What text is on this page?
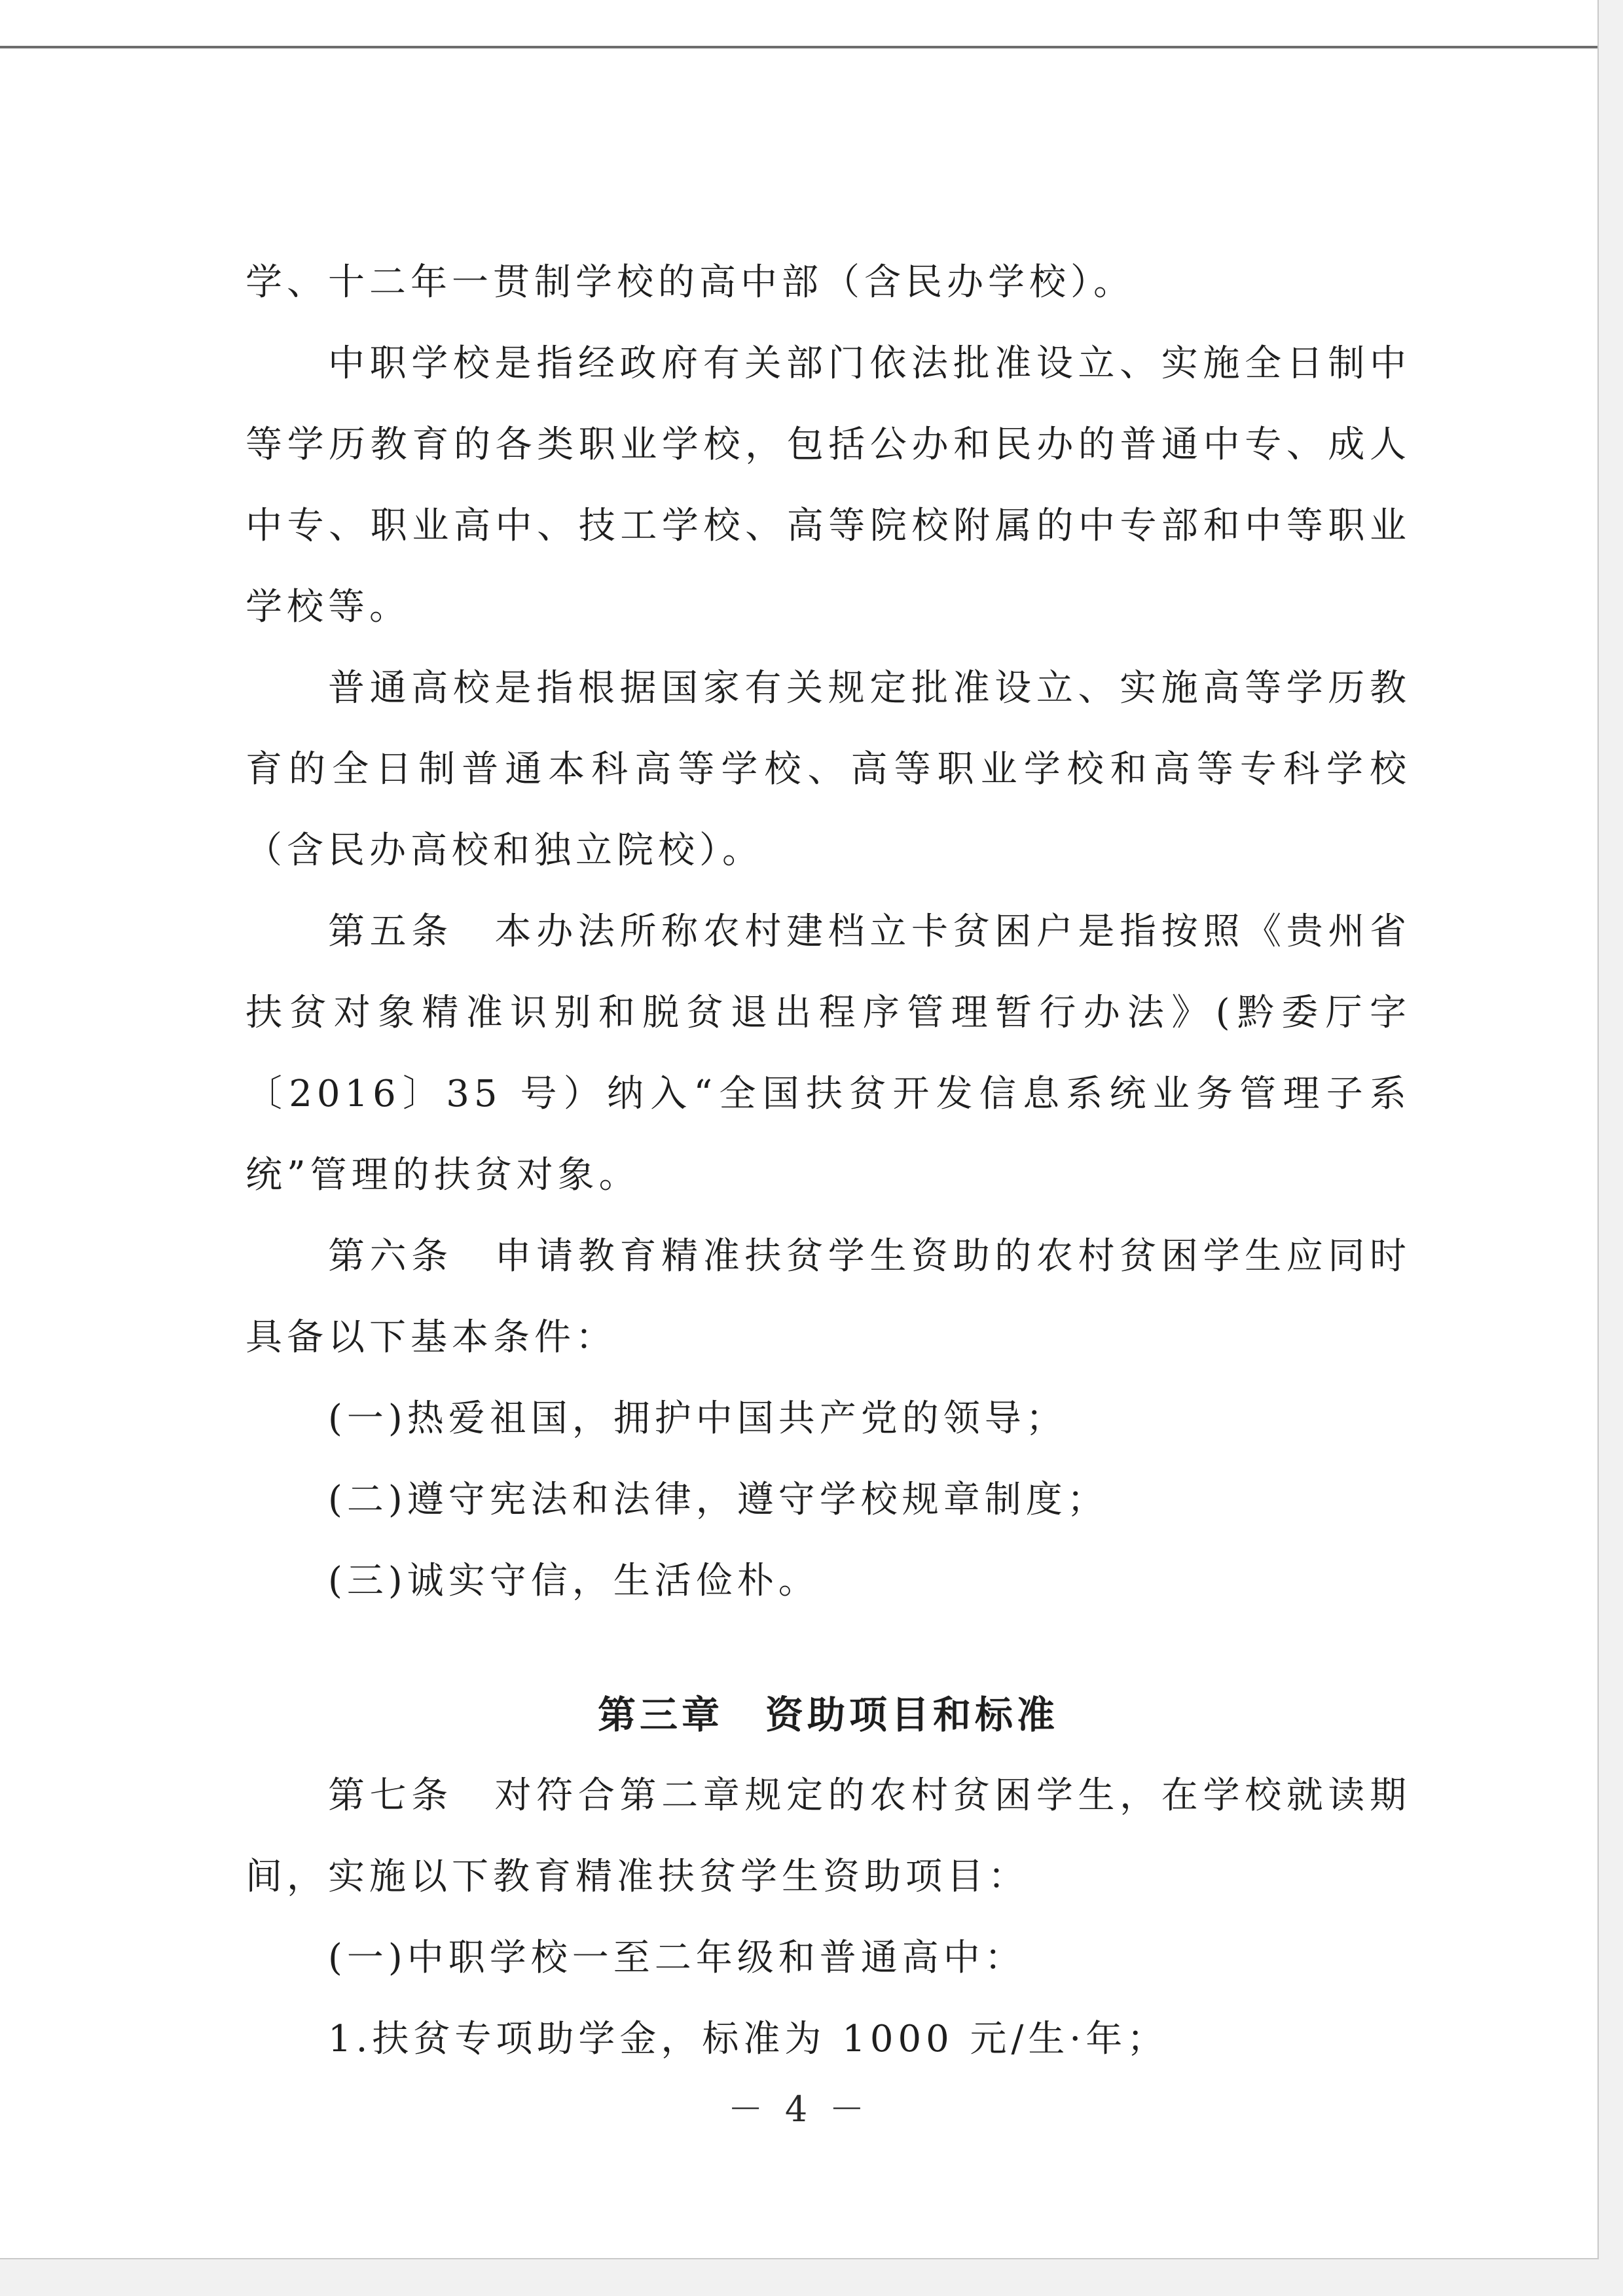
学、十二年一贯制学校的高中部（含民办学校）。

中职学校是指经政府有关部门依法批准设立、实施全日制中等学历教育的各类职业学校，包括公办和民办的普通中专、成人中专、职业高中、技工学校、高等院校附属的中专部和中等职业学校等。

普通高校是指根据国家有关规定批准设立、实施高等学历教育的全日制普通本科高等学校、高等职业学校和高等专科学校（含民办高校和独立院校）。

第五条　本办法所称农村建档立卡贫困户是指按照《贵州省扶贫对象精准识别和脱贫退出程序管理暂行办法》(黔委厅字〔2016〕35 号）纳入“全国扶贫开发信息系统业务管理子系统”管理的扶贫对象。

第六条　申请教育精准扶贫学生资助的农村贫困学生应同时具备以下基本条件：

(一)热爱祖国，拥护中国共产党的领导；

(二)遵守宪法和法律，遵守学校规章制度；

(三)诚实守信，生活俭朴。

第三章　资助项目和标准

第七条　对符合第二章规定的农村贫困学生，在学校就读期间，实施以下教育精准扶贫学生资助项目：

(一)中职学校一至二年级和普通高中：

1.扶贫专项助学金，标准为 1000 元/生·年；

－ 4 －
